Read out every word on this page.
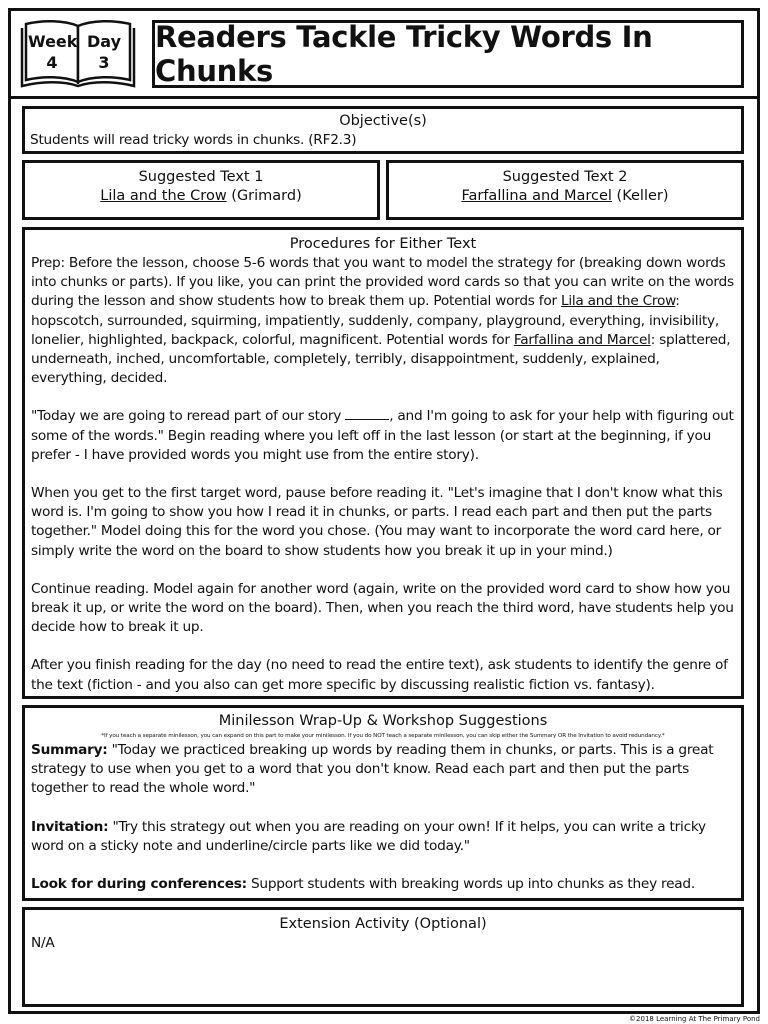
Week
4
Day
3
Readers Tackle Tricky Words In Chunks
Objective(s)
Students will read tricky words in chunks. (RF2.3)
Suggested Text 1
Lila and the Crow (Grimard)
Suggested Text 2
Farfallina and Marcel (Keller)
Procedures for Either Text
Prep: Before the lesson, choose 5-6 words that you want to model the strategy for (breaking down words into chunks or parts). If you like, you can print the provided word cards so that you can write on the words during the lesson and show students how to break them up. Potential words for Lila and the Crow: hopscotch, surrounded, squirming, impatiently, suddenly, company, playground, everything, invisibility, lonelier, highlighted, backpack, colorful, magnificent. Potential words for Farfallina and Marcel: splattered, underneath, inched, uncomfortable, completely, terribly, disappointment, suddenly, explained, everything, decided.
"Today we are going to reread part of our story	, and I'm going to ask for your help with figuring out some of the words." Begin reading where you left off in the last lesson (or start at the beginning, if you prefer - I have provided words you might use from the entire story).
When you get to the first target word, pause before reading it. "Let's imagine that I don't know what this word is. I'm going to show you how I read it in chunks, or parts. I read each part and then put the parts together." Model doing this for the word you chose. (You may want to incorporate the word card here, or simply write the word on the board to show students how you break it up in your mind.)
Continue reading. Model again for another word (again, write on the provided word card to show how you break it up, or write the word on the board). Then, when you reach the third word, have students help you decide how to break it up.
After you finish reading for the day (no need to read the entire text), ask students to identify the genre of the text (fiction - and you also can get more specific by discussing realistic fiction vs. fantasy).
Minilesson Wrap-Up & Workshop Suggestions
*If you teach a separate minilesson, you can expand on this part to make your minilesson. If you do NOT teach a separate minilesson, you can skip either the Summary OR the Invitation to avoid redundancy.*
Summary: "Today we practiced breaking up words by reading them in chunks, or parts. This is a great strategy to use when you get to a word that you don't know. Read each part and then put the parts together to read the whole word."
Invitation: "Try this strategy out when you are reading on your own! If it helps, you can write a tricky word on a sticky note and underline/circle parts like we did today."
Look for during conferences: Support students with breaking words up into chunks as they read.
Extension Activity (Optional)
N/A
©2018 Learning At The Primary Pond
